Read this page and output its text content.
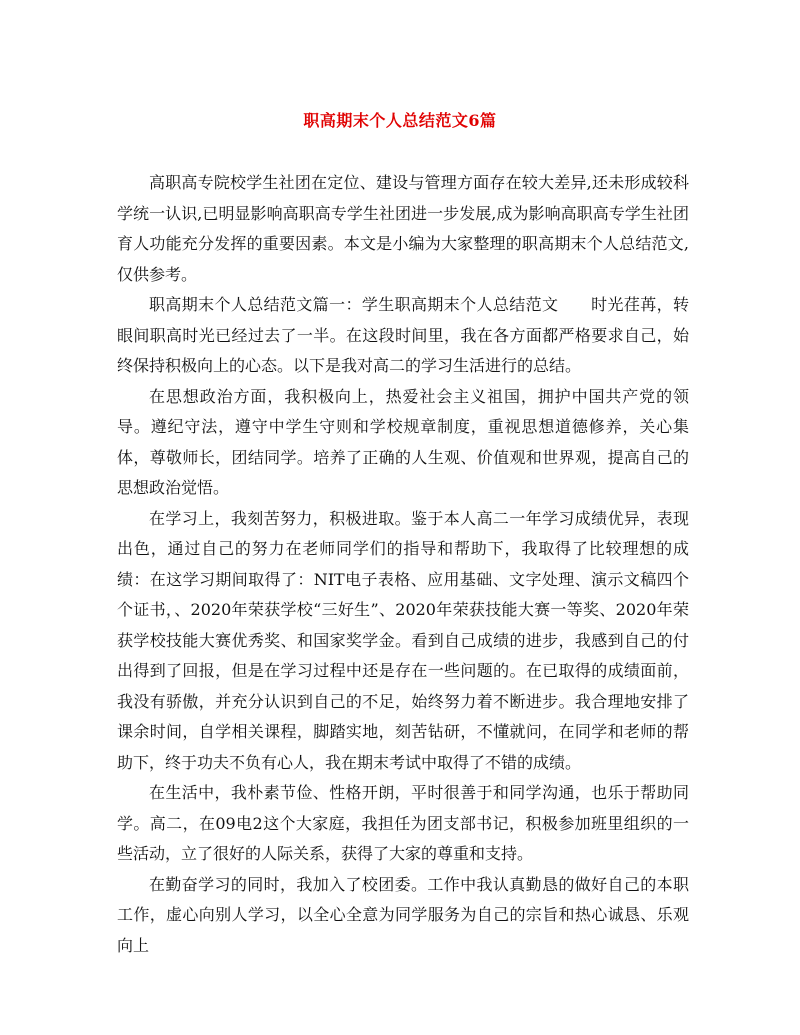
职高期末个人总结范文6篇

高职高专院校学生社团在定位、建设与管理方面存在较大差异,还未形成较科学统一认识,已明显影响高职高专学生社团进一步发展,成为影响高职高专学生社团育人功能充分发挥的重要因素。本文是小编为大家整理的职高期末个人总结范文,仅供参考。

职高期末个人总结范文篇一：学生职高期末个人总结范文　　时光荏苒，转眼间职高时光已经过去了一半。在这段时间里，我在各方面都严格要求自己，始终保持积极向上的心态。以下是我对高二的学习生活进行的总结。

在思想政治方面，我积极向上，热爱社会主义祖国，拥护中国共产党的领导。遵纪守法，遵守中学生守则和学校规章制度，重视思想道德修养，关心集体，尊敬师长，团结同学。培养了正确的人生观、价值观和世界观，提高自己的思想政治觉悟。

在学习上，我刻苦努力，积极进取。鉴于本人高二一年学习成绩优异，表现出色，通过自己的努力在老师同学们的指导和帮助下，我取得了比较理想的成绩：在这学习期间取得了：NIT电子表格、应用基础、文字处理、演示文稿四个个证书，、2020年荣获学校“三好生”、2020年荣获技能大赛一等奖、2020年荣获学校技能大赛优秀奖、和国家奖学金。看到自己成绩的进步，我感到自己的付出得到了回报，但是在学习过程中还是存在一些问题的。在已取得的成绩面前，我没有骄傲，并充分认识到自己的不足，始终努力着不断进步。我合理地安排了课余时间，自学相关课程，脚踏实地，刻苦钻研，不懂就问，在同学和老师的帮助下，终于功夫不负有心人，我在期末考试中取得了不错的成绩。

在生活中，我朴素节俭、性格开朗，平时很善于和同学沟通，也乐于帮助同学。高二，在09电2这个大家庭，我担任为团支部书记，积极参加班里组织的一些活动，立了很好的人际关系，获得了大家的尊重和支持。

在勤奋学习的同时，我加入了校团委。工作中我认真勤恳的做好自己的本职工作，虚心向别人学习，以全心全意为同学服务为自己的宗旨和热心诚恳、乐观向上
